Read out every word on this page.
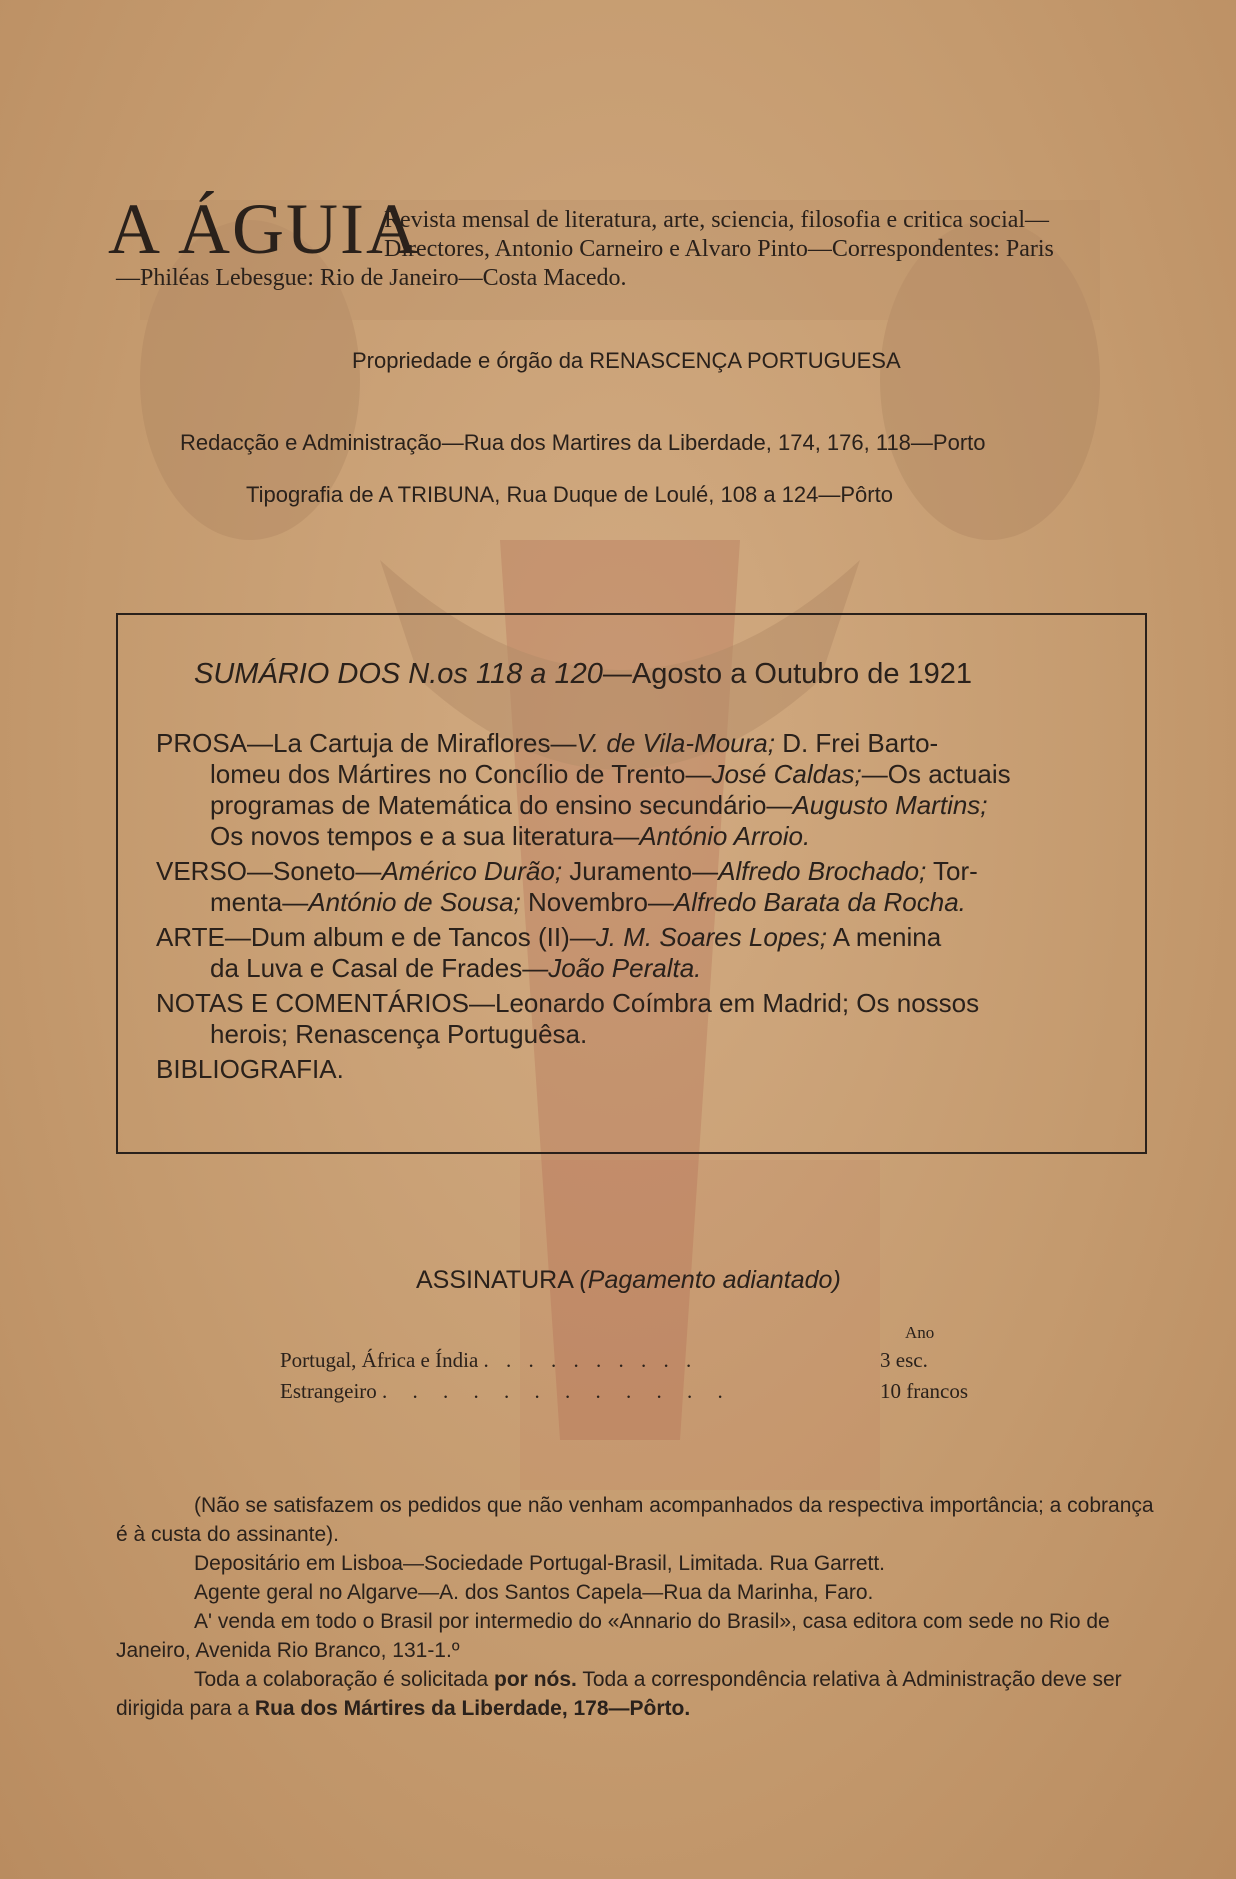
A ÁGUIA
Revista mensal de literatura, arte, sciencia, filosofia e critica social—
Directores, Antonio Carneiro e Alvaro Pinto—Correspondentes: Paris
—Philéas Lebesgue: Rio de Janeiro—Costa Macedo.
Propriedade e órgão da RENASCENÇA PORTUGUESA
Redacção e Administração—Rua dos Martires da Liberdade, 174, 176, 118—Porto
Tipografia de A TRIBUNA, Rua Duque de Loulé, 108 a 124—Pôrto
SUMÁRIO DOS N.os 118 a 120—Agosto a Outubro de 1921
PROSA—La Cartuja de Miraflores—V. de Vila-Moura; D. Frei Barto-
lomeu dos Mártires no Concílio de Trento—José Caldas;—Os actuais
programas de Matemática do ensino secundário—Augusto Martins;
Os novos tempos e a sua literatura—António Arroio.
VERSO—Soneto—Américo Durão; Juramento—Alfredo Brochado; Tor-
menta—António de Sousa; Novembro—Alfredo Barata da Rocha.
ARTE—Dum album e de Tancos (II)—J. M. Soares Lopes; A menina
da Luva e Casal de Frades—João Peralta.
NOTAS E COMENTÁRIOS—Leonardo Coímbra em Madrid; Os nossos
herois; Renascença Portuguêsa.
BIBLIOGRAFIA.
ASSINATURA (Pagamento adiantado)
Ano
Portugal, África e Índia . . . . . . . . . .	3 esc.
Estrangeiro . . . . . . . . . . . .	10 francos

(Não se satisfazem os pedidos que não venham acompanhados da respectiva importância; a cobrança é à custa do assinante).

Depositário em Lisboa—Sociedade Portugal-Brasil, Limitada. Rua Garrett.

Agente geral no Algarve—A. dos Santos Capela—Rua da Marinha, Faro.

A' venda em todo o Brasil por intermedio do «Annario do Brasil», casa editora com sede no Rio de Janeiro, Avenida Rio Branco, 131-1.º

Toda a colaboração é solicitada por nós. Toda a correspondência relativa à Administração deve ser dirigida para a Rua dos Mártires da Liberdade, 178—Pôrto.
